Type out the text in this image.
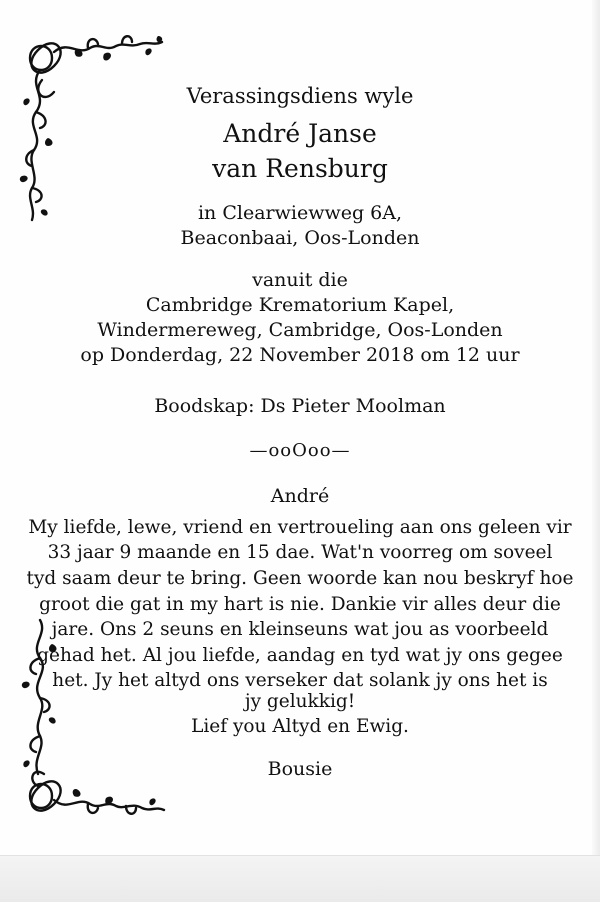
Verassingsdiens wyle
André Janse
van Rensburg
in Clearwiewweg 6A,
Beaconbaai, Oos-Londen
vanuit die
Cambridge Krematorium Kapel,
Windermereweg, Cambridge, Oos-Londen
op Donderdag, 22 November 2018 om 12 uur
Boodskap: Ds Pieter Moolman
—ooOoo—
André
My liefde, lewe, vriend en vertroueling aan ons geleen vir
33 jaar 9 maande en 15 dae. Wat'n voorreg om soveel
tyd saam deur te bring. Geen woorde kan nou beskryf hoe
groot die gat in my hart is nie. Dankie vir alles deur die
jare. Ons 2 seuns en kleinseuns wat jou as voorbeeld
gehad het. Al jou liefde, aandag en tyd wat jy ons gegee
het. Jy het altyd ons verseker dat solank jy ons het is
jy gelukkig!
Lief you Altyd en Ewig.
Bousie
